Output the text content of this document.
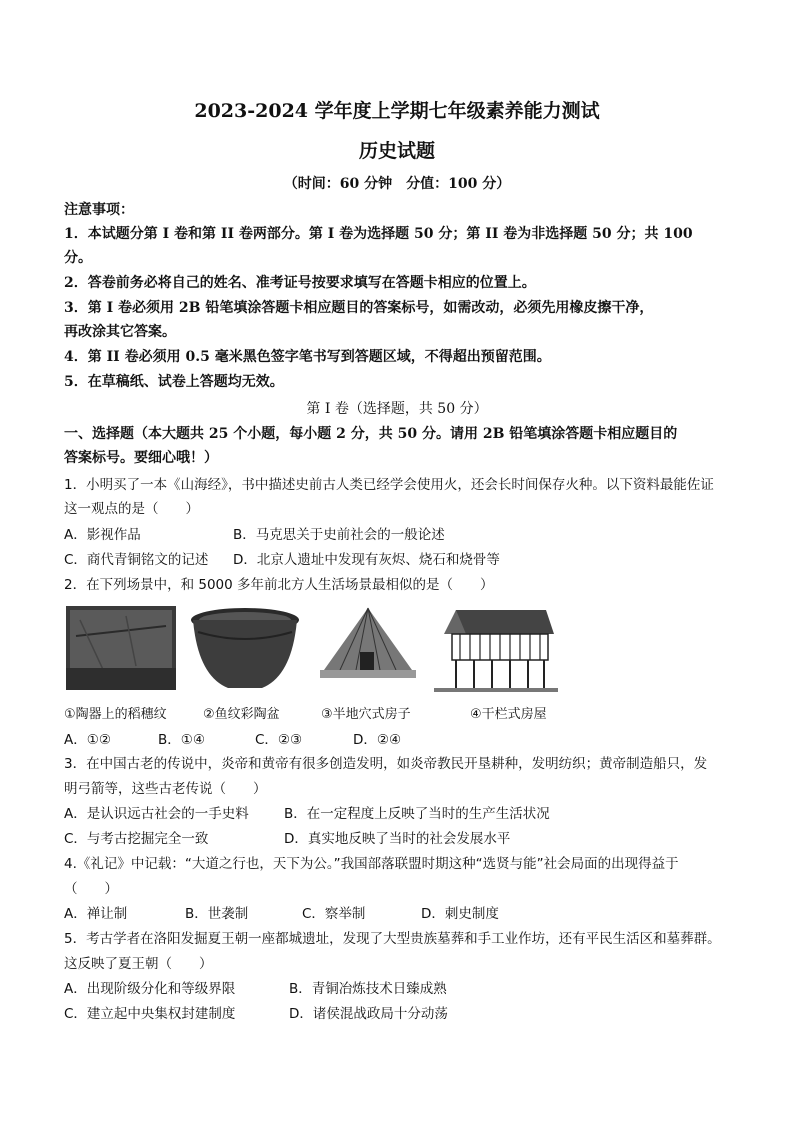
2023-2024 学年度上学期七年级素养能力测试
历史试题
（时间：60 分钟　分值：100 分）
注意事项：
1．本试题分第 I 卷和第 II 卷两部分。第 I 卷为选择题 50 分；第 II 卷为非选择题 50 分；共 100
分。
2．答卷前务必将自己的姓名、准考证号按要求填写在答题卡相应的位置上。
3．第 I 卷必须用 2B 铅笔填涂答题卡相应题目的答案标号，如需改动，必须先用橡皮擦干净，
再改涂其它答案。
4．第 II 卷必须用 0.5 毫米黑色签字笔书写到答题区域，不得超出预留范围。
5．在草稿纸、试卷上答题均无效。
第 I 卷（选择题，共 50 分）
一、选择题（本大题共 25 个小题，每小题 2 分，共 50 分。请用 2B 铅笔填涂答题卡相应题目的
答案标号。要细心哦！）
1．小明买了一本《山海经》，书中描述史前古人类已经学会使用火，还会长时间保存火种。以下资料最能佐证
这一观点的是（　　）
A．影视作品	B．马克思关于史前社会的一般论述
C．商代青铜铭文的记述 D．北京人遗址中发现有灰烬、烧石和烧骨等
2．在下列场景中，和 5000 多年前北方人生活场景最相似的是（　　）
①陶器上的稻穗纹	②鱼纹彩陶盆	③半地穴式房子	④干栏式房屋
A．①②	B．①④	C．②③	D．②④
3．在中国古老的传说中，炎帝和黄帝有很多创造发明，如炎帝教民开垦耕种，发明纺织；黄帝制造船只，发
明弓箭等，这些古老传说（　　）
A．是认识远古社会的一手史料	B．在一定程度上反映了当时的生产生活状况
C．与考古挖掘完全一致	D．真实地反映了当时的社会发展水平
4.《礼记》中记载：“大道之行也，天下为公。”我国部落联盟时期这种“选贤与能”社会局面的出现得益于
（　　）
A．禅让制	B．世袭制	C．察举制	D．刺史制度
5．考古学者在洛阳发掘夏王朝一座都城遗址，发现了大型贵族墓葬和手工业作坊，还有平民生活区和墓葬群。
这反映了夏王朝（　　）
A．出现阶级分化和等级界限	B．青铜冶炼技术日臻成熟
C．建立起中央集权封建制度	D．诸侯混战政局十分动荡
